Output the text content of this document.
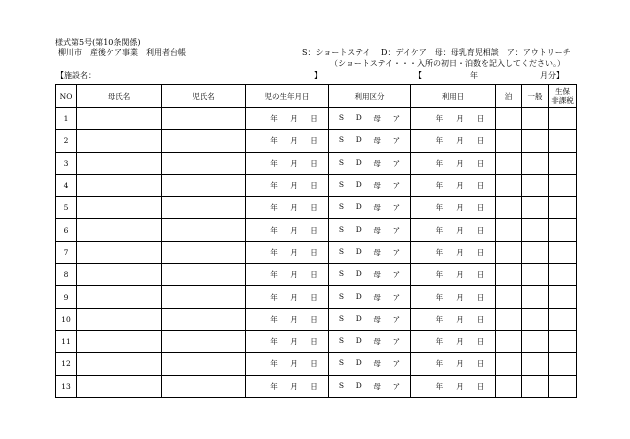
様式第5号(第10条関係)
柳川市　産後ケア事業　利用者台帳	S：ショートステイ　 D：デイケア　母：母乳育児相談　ア：アウトリーチ
（ショートステイ・・・入所の初日・泊数を記入してください。）
【施設名：	】	【	年	月分】
NO	母氏名	児氏名	児の生年月日	利用区分	利用日	泊	一般	生保
非課税
1			年 月 日	S D 母 ア	年 月 日			

2			年 月 日	S D 母 ア	年 月 日			

3			年 月 日	S D 母 ア	年 月 日			

4			年 月 日	S D 母 ア	年 月 日			

5			年 月 日	S D 母 ア	年 月 日			

6			年 月 日	S D 母 ア	年 月 日			

7			年 月 日	S D 母 ア	年 月 日			

8			年 月 日	S D 母 ア	年 月 日			

9			年 月 日	S D 母 ア	年 月 日			

10			年 月 日	S D 母 ア	年 月 日			

11			年 月 日	S D 母 ア	年 月 日			

12			年 月 日	S D 母 ア	年 月 日			

13			年 月 日	S D 母 ア	年 月 日			
